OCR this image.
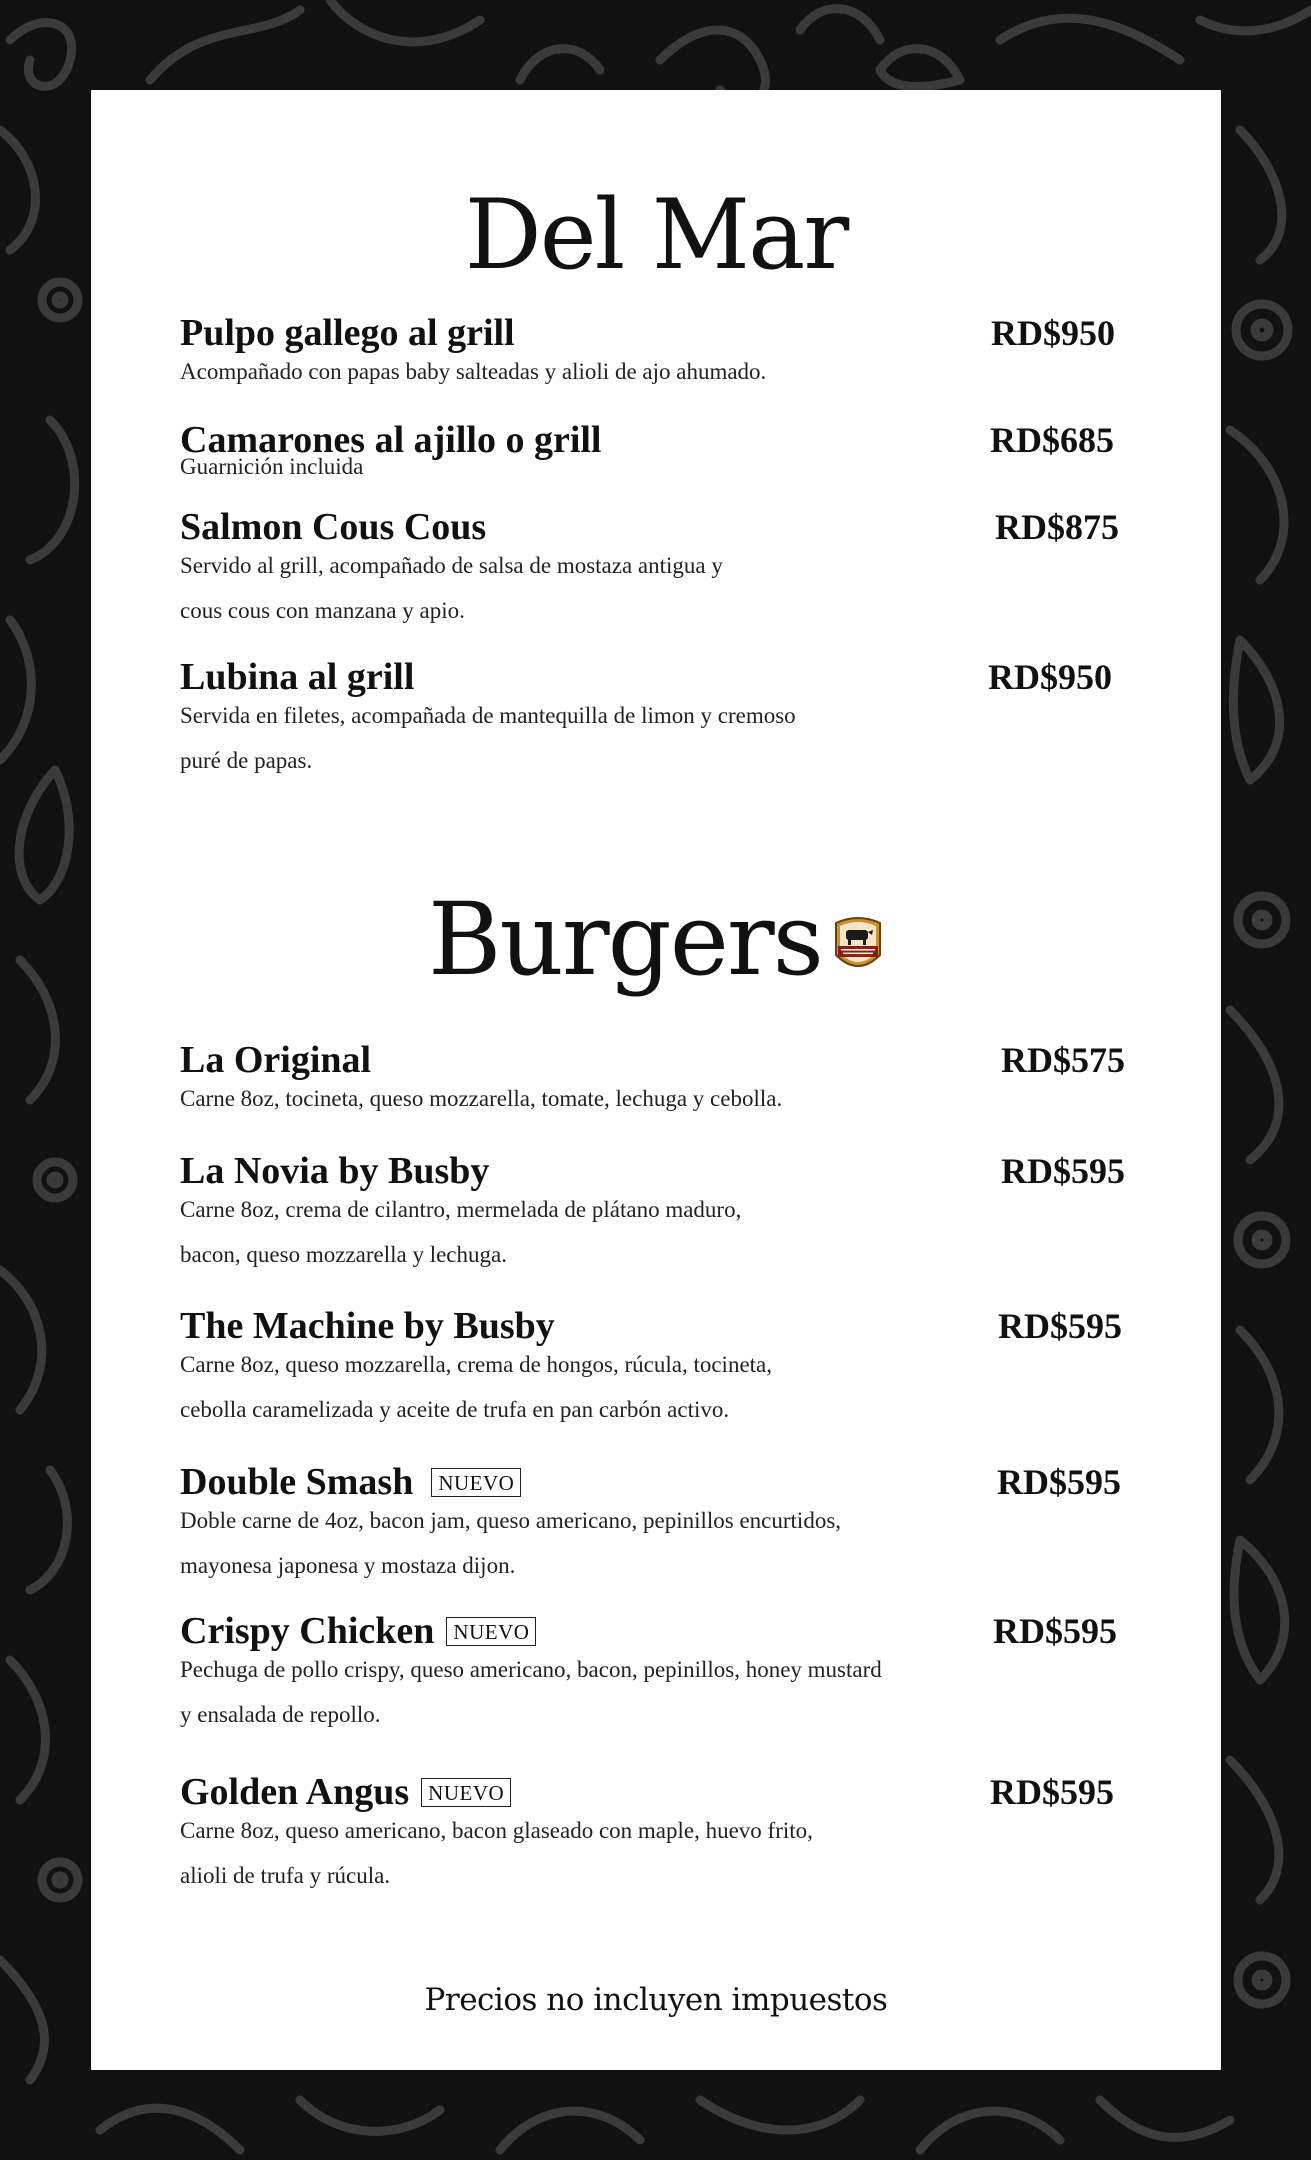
Del Mar
Pulpo gallego al grill	RD$950
Acompañado con papas baby salteadas y alioli de ajo ahumado.
Camarones al ajillo o grill	RD$685
Guarnición incluida
Salmon Cous Cous	RD$875
Servido al grill, acompañado de salsa de mostaza antigua y
cous cous con manzana y apio.
Lubina al grill	RD$950
Servida en filetes, acompañada de mantequilla de limon y cremoso
puré de papas.
Burgers
La Original	RD$575
Carne 8oz, tocineta, queso mozzarella, tomate, lechuga y cebolla.
La Novia by Busby	RD$595
Carne 8oz, crema de cilantro, mermelada de plátano maduro,
bacon, queso mozzarella y lechuga.
The Machine by Busby	RD$595
Carne 8oz, queso mozzarella, crema de hongos, rúcula, tocineta,
cebolla caramelizada y aceite de trufa en pan carbón activo.
Double Smash NUEVO	RD$595
Doble carne de 4oz, bacon jam, queso americano, pepinillos encurtidos,
mayonesa japonesa y mostaza dijon.
Crispy Chicken NUEVO	RD$595
Pechuga de pollo crispy, queso americano, bacon, pepinillos, honey mustard
y ensalada de repollo.
Golden Angus NUEVO	RD$595
Carne 8oz, queso americano, bacon glaseado con maple, huevo frito,
alioli de trufa y rúcula.
Precios no incluyen impuestos
